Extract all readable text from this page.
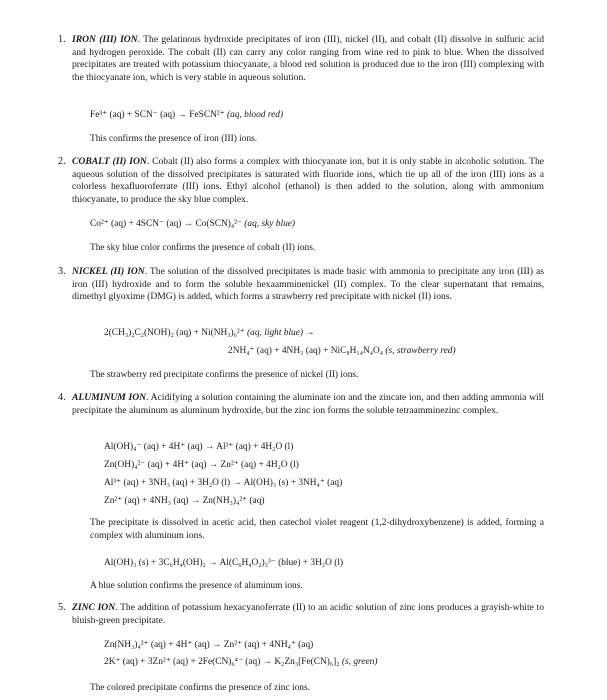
1. IRON (III) ION. The gelatinous hydroxide precipitates of iron (III), nickel (II), and cobalt (II) dissolve in sulfuric acid and hydrogen peroxide. The cobalt (II) can carry any color ranging from wine red to pink to blue. When the dissolved precipitates are treated with potassium thiocyanate, a blood red solution is produced due to the iron (III) complexing with the thiocyanate ion, which is very stable in aqueous solution.

Fe³⁺ (aq) + SCN⁻ (aq) → FeSCN²⁺ (aq, blood red)
This confirms the presence of iron (III) ions.
2. COBALT (II) ION. Cobalt (II) also forms a complex with thiocyanate ion, but it is only stable in alcoholic solution. The aqueous solution of the dissolved precipitates is saturated with fluoride ions, which tie up all of the iron (III) ions as a colorless hexafluoroferrate (III) ions. Ethyl alcohol (ethanol) is then added to the solution, along with ammonium thiocyanate, to produce the sky blue complex.

Co²⁺ (aq) + 4SCN⁻ (aq) → Co(SCN)₄²⁻ (aq, sky blue)
The sky blue color confirms the presence of cobalt (II) ions.
3. NICKEL (II) ION. The solution of the dissolved precipitates is made basic with ammonia to precipitate any iron (III) as iron (III) hydroxide and to form the soluble hexaamminenickel (II) complex. To the clear supernatant that remains, dimethyl glyoxime (DMG) is added, which forms a strawberry red precipitate with nickel (II) ions.

2(CH₃)₂C₂(NOH)₂ (aq) + Ni(NH₃)₆²⁺ (aq, light blue) →
2NH₄⁺ (aq) + 4NH₃ (aq) + NiC₈H₁₄N₄O₄ (s, strawberry red)
The strawberry red precipitate confirms the presence of nickel (II) ions.
4. ALUMINUM ION. Acidifying a solution containing the aluminate ion and the zincate ion, and then adding ammonia will precipitate the aluminum as aluminum hydroxide, but the zinc ion forms the soluble tetraamminezinc complex.

Al(OH)₄⁻ (aq) + 4H⁺ (aq) → Al³⁺ (aq) + 4H₂O (l)
Zn(OH)₄²⁻ (aq) + 4H⁺ (aq) → Zn²⁺ (aq) + 4H₂O (l)
Al³⁺ (aq) + 3NH₃ (aq) + 3H₂O (l) → Al(OH)₃ (s) + 3NH₄⁺ (aq)
Zn²⁺ (aq) + 4NH₃ (aq) → Zn(NH₃)₄²⁺ (aq)

The precipitate is dissolved in acetic acid, then catechol violet reagent (1,2-dihydroxybenzene) is added, forming a complex with aluminum ions.

Al(OH)₃ (s) + 3C₆H₄(OH)₂ → Al(C₆H₄O₂)₃³⁻ (blue) + 3H₂O (l)
A blue solution confirms the presence of aluminum ions.
5. ZINC ION. The addition of potassium hexacyanoferrate (II) to an acidic solution of zinc ions produces a grayish-white to bluish-green precipitate.

Zn(NH₃)₄²⁺ (aq) + 4H⁺ (aq) → Zn²⁺ (aq) + 4NH₄⁺ (aq)
2K⁺ (aq) + 3Zn²⁺ (aq) + 2Fe(CN)₆⁴⁻ (aq) → K₂Zn₃[Fe(CN)₆]₂ (s, green)
The colored precipitate confirms the presence of zinc ions.
